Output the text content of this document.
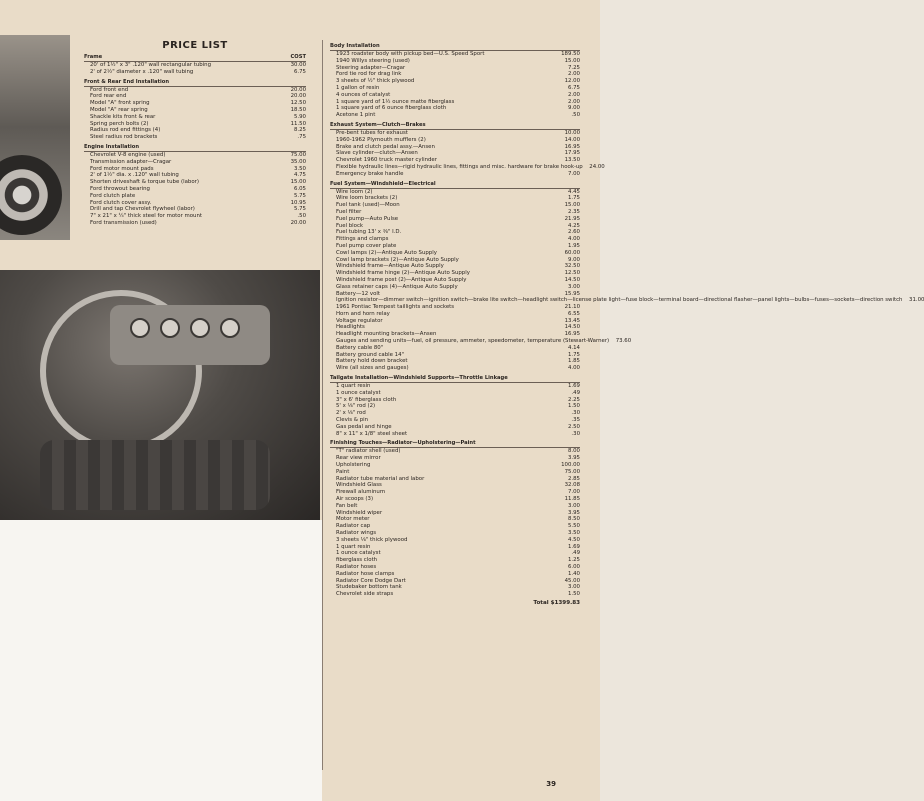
PRICE LIST
Frame	COST
20' of 1½" x 3" .120" wall rectangular tubing	30.00
2' of 2½" diameter x .120" wall tubing	6.75
Front & Rear End Installation
Ford front end	20.00
Ford rear end	20.00
Model "A" front spring	12.50
Model "A" rear spring	18.50
Shackle kits front & rear	5.90
Spring perch bolts (2)	11.50
Radius rod end fittings (4)	8.25
Steel radius rod brackets	.75
Engine Installation
Chevrolet V-8 engine (used)	75.00
Transmission adapter—Cragar	35.00
Ford motor mount pads	3.50
2' of 1½" dia. x .120" wall tubing	4.75
Shorten driveshaft & torque tube (labor)	15.00
Ford throwout bearing	6.05
Ford clutch plate	5.75
Ford clutch cover assy.	10.95
Drill and tap Chevrolet flywheel (labor)	5.75
7" x 21" x ¼" thick steel for motor mount	.50
Ford transmission (used)	20.00
Body Installation
1923 roadster body with pickup bed—U.S. Speed Sport	189.50
1940 Willys steering (used)	15.00
Steering adapter—Cragar	7.25
Ford tie rod for drag link	2.00
3 sheets of ½" thick plywood	12.00
1 gallon of resin	6.75
4 ounces of catalyst	2.00
1 square yard of 1½ ounce matte fiberglass	2.00
1 square yard of 6 ounce fiberglass cloth	9.00
Acetone 1 pint	.50
Exhaust System—Clutch—Brakes
Pre-bent tubes for exhaust	10.00
1960-1962 Plymouth mufflers (2)	14.00
Brake and clutch pedal assy.—Ansen	16.95
Slave cylinder—clutch—Ansen	17.95
Chevrolet 1960 truck master cylinder	13.50
Flexible hydraulic lines—rigid hydraulic lines, fittings and misc. hardware for brake hook-up	24.00
Emergency brake handle	7.00
Fuel System—Windshield—Electrical
Wire loom (2)	4.45
Wire loom brackets (2)	1.75
Fuel tank (used)—Moon	15.00
Fuel filter	2.35
Fuel pump—Auto Pulse	21.95
Fuel block	4.25
Fuel tubing 13' x ⅜" I.D.	2.60
Fittings and clamps	4.00
Fuel pump cover plate	1.95
Cowl lamps (2)—Antique Auto Supply	60.00
Cowl lamp brackets (2)—Antique Auto Supply	9.00
Windshield frame—Antique Auto Supply	32.50
Windshield frame hinge (2)—Antique Auto Supply	12.50
Windshield frame post (2)—Antique Auto Supply	14.50
Glass retainer caps (4)—Antique Auto Supply	3.00
Battery—12 volt	15.95
Ignition resistor—dimmer switch—ignition switch—brake lite switch—headlight switch—license plate light—fuse block—terminal board—directional flasher—panel lights—bulbs—fuses—sockets—direction switch	31.00
1961 Pontiac Tempest taillights and sockets	21.10
Horn and horn relay	6.55
Voltage regulator	13.45
Headlights	14.50
Headlight mounting brackets—Ansen	16.95
Gauges and sending units—fuel, oil pressure, ammeter, speedometer, temperature (Stewart-Warner)	73.60
Battery cable 80"	4.14
Battery ground cable 14"	1.75
Battery hold down bracket	1.85
Wire (all sizes and gauges)	4.00
Tailgate Installation—Windshield Supports—Throttle Linkage
1 quart resin	1.69
1 ounce catalyst	.49
3" x 6' fiberglass cloth	2.25
5' x ⅛" rod (2)	1.50
2' x ⅛" rod	.30
Clevis & pin	.35
Gas pedal and hinge	2.50
8" x 11" x 1/8" steel sheet	.30
Finishing Touches—Radiator—Upholstering—Paint
"T" radiator shell (used)	8.00
Rear view mirror	3.95
Upholstering	100.00
Paint	75.00
Radiator tube material and labor	2.85
Windshield Glass	32.08
Firewall aluminum	7.00
Air scoops (3)	11.85
Fan belt	3.00
Windshield wiper	3.95
Motor meter	8.50
Radiator cap	5.50
Radiator wings	3.50
3 sheets ⅛" thick plywood	4.50
1 quart resin	1.69
1 ounce catalyst	.49
fiberglass cloth	1.25
Radiator hoses	6.00
Radiator hose clamps	1.40
Radiator Core Dodge Dart	45.00
Studebaker bottom tank	3.00
Chevrolet side straps	1.50
Total $1399.83
39
